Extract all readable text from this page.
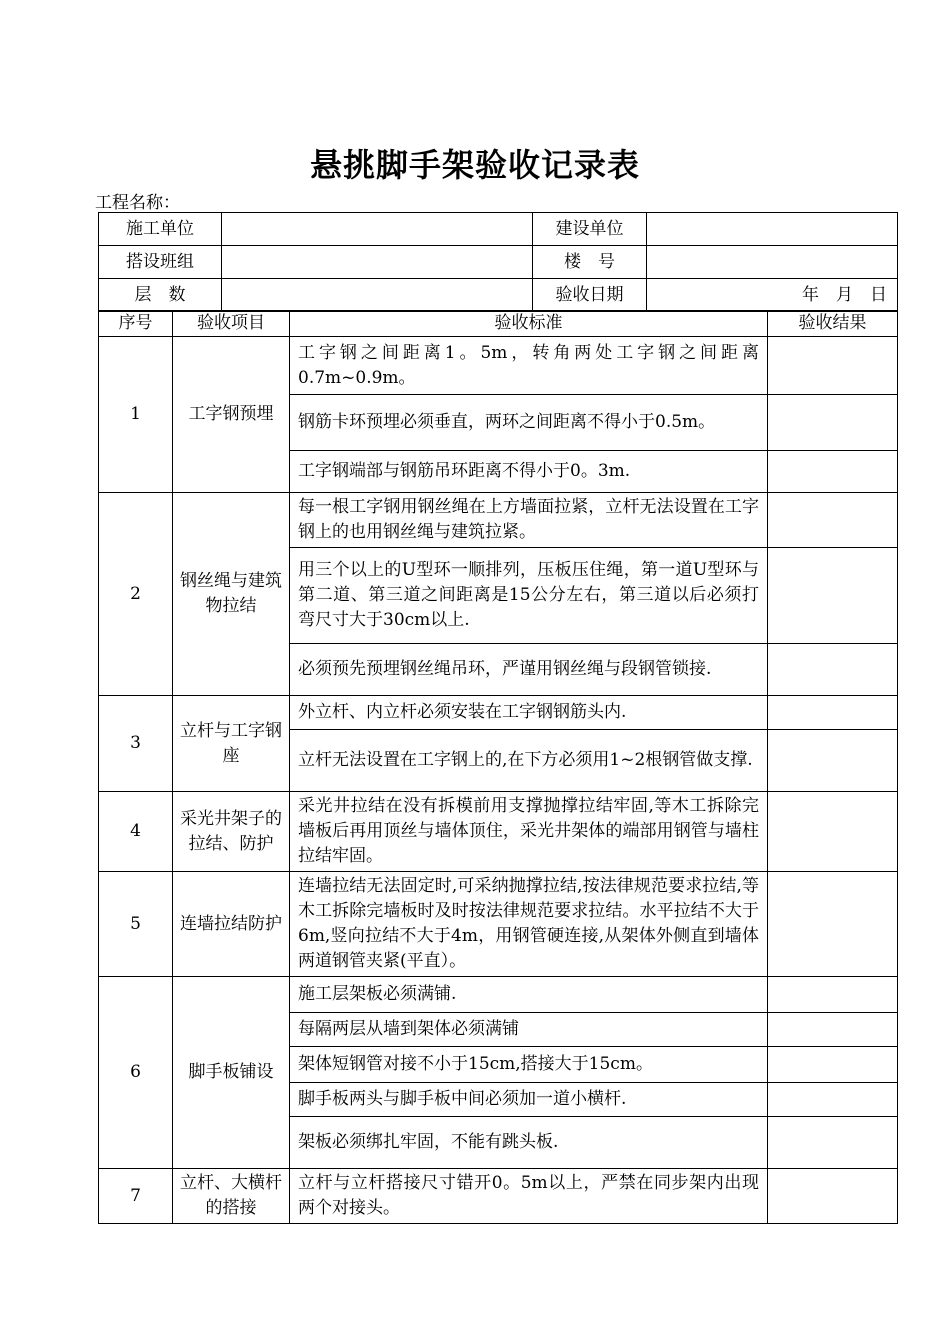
悬挑脚手架验收记录表
工程名称：
施工单位		建设单位	
搭设班组		楼　号	
层　数		验收日期	年　月　日
序号	验收项目	验收标准	验收结果
1	工字钢预埋	工字钢之间距离1。5m，转角两处工字钢之间距离0.7m~0.9m。	
		钢筋卡环预埋必须垂直，两环之间距离不得小于0.5m。	
		工字钢端部与钢筋吊环距离不得小于0。3m.	
2	钢丝绳与建筑物拉结	每一根工字钢用钢丝绳在上方墙面拉紧，立杆无法设置在工字钢上的也用钢丝绳与建筑拉紧。	
		用三个以上的U型环一顺排列，压板压住绳，第一道U型环与第二道、第三道之间距离是15公分左右，第三道以后必须打弯尺寸大于30cm以上.	
		必须预先预埋钢丝绳吊环，严谨用钢丝绳与段钢管锁接.	
3	立杆与工字钢座	外立杆、内立杆必须安装在工字钢钢筋头内.	
		立杆无法设置在工字钢上的,在下方必须用1~2根钢管做支撑.	
4	采光井架子的拉结、防护	采光井拉结在没有拆模前用支撑抛撑拉结牢固,等木工拆除完墙板后再用顶丝与墙体顶住，采光井架体的端部用钢管与墙柱拉结牢固。	
5	连墙拉结防护	连墙拉结无法固定时,可采纳抛撑拉结,按法律规范要求拉结,等木工拆除完墙板时及时按法律规范要求拉结。水平拉结不大于6m,竖向拉结不大于4m，用钢管硬连接,从架体外侧直到墙体两道钢管夹紧(平直）。	
6	脚手板铺设	施工层架板必须满铺.	
		每隔两层从墙到架体必须满铺	
		架体短钢管对接不小于15cm,搭接大于15cm。	
		脚手板两头与脚手板中间必须加一道小横杆.	
		架板必须绑扎牢固，不能有跳头板.	
7	立杆、大横杆的搭接	立杆与立杆搭接尺寸错开0。5m以上，严禁在同步架内出现两个对接头。	
